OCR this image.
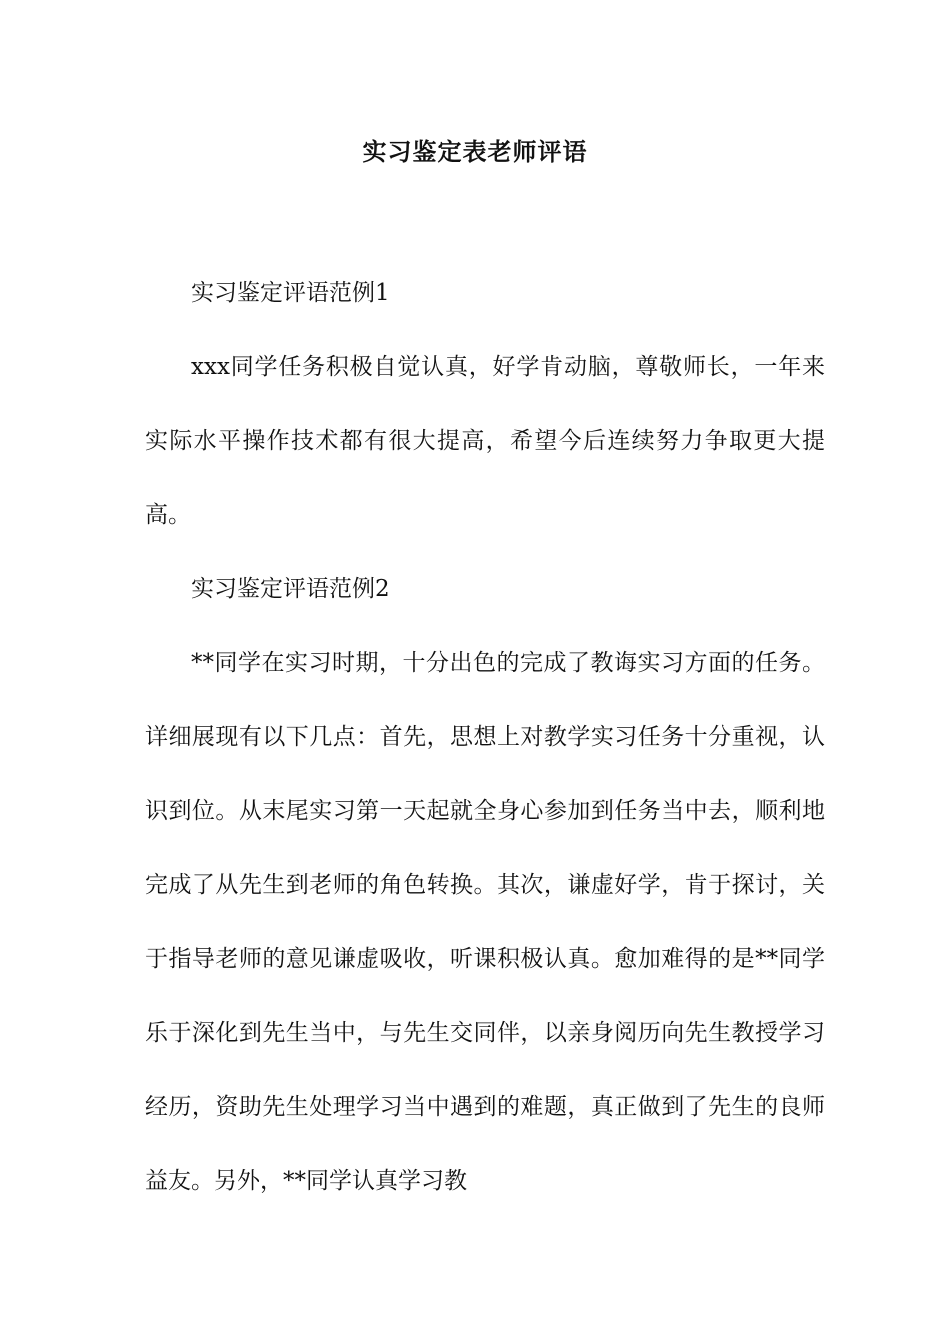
实习鉴定表老师评语

实习鉴定评语范例1

xxx同学任务积极自觉认真，好学肯动脑，尊敬师长，一年来实际水平操作技术都有很大提高，希望今后连续努力争取更大提高。

实习鉴定评语范例2

**同学在实习时期，十分出色的完成了教诲实习方面的任务。详细展现有以下几点：首先，思想上对教学实习任务十分重视，认识到位。从末尾实习第一天起就全身心参加到任务当中去，顺利地完成了从先生到老师的角色转换。其次，谦虚好学，肯于探讨，关于指导老师的意见谦虚吸收，听课积极认真。愈加难得的是**同学乐于深化到先生当中，与先生交同伴，以亲身阅历向先生教授学习经历，资助先生处理学习当中遇到的难题，真正做到了先生的良师益友。另外，**同学认真学习教
